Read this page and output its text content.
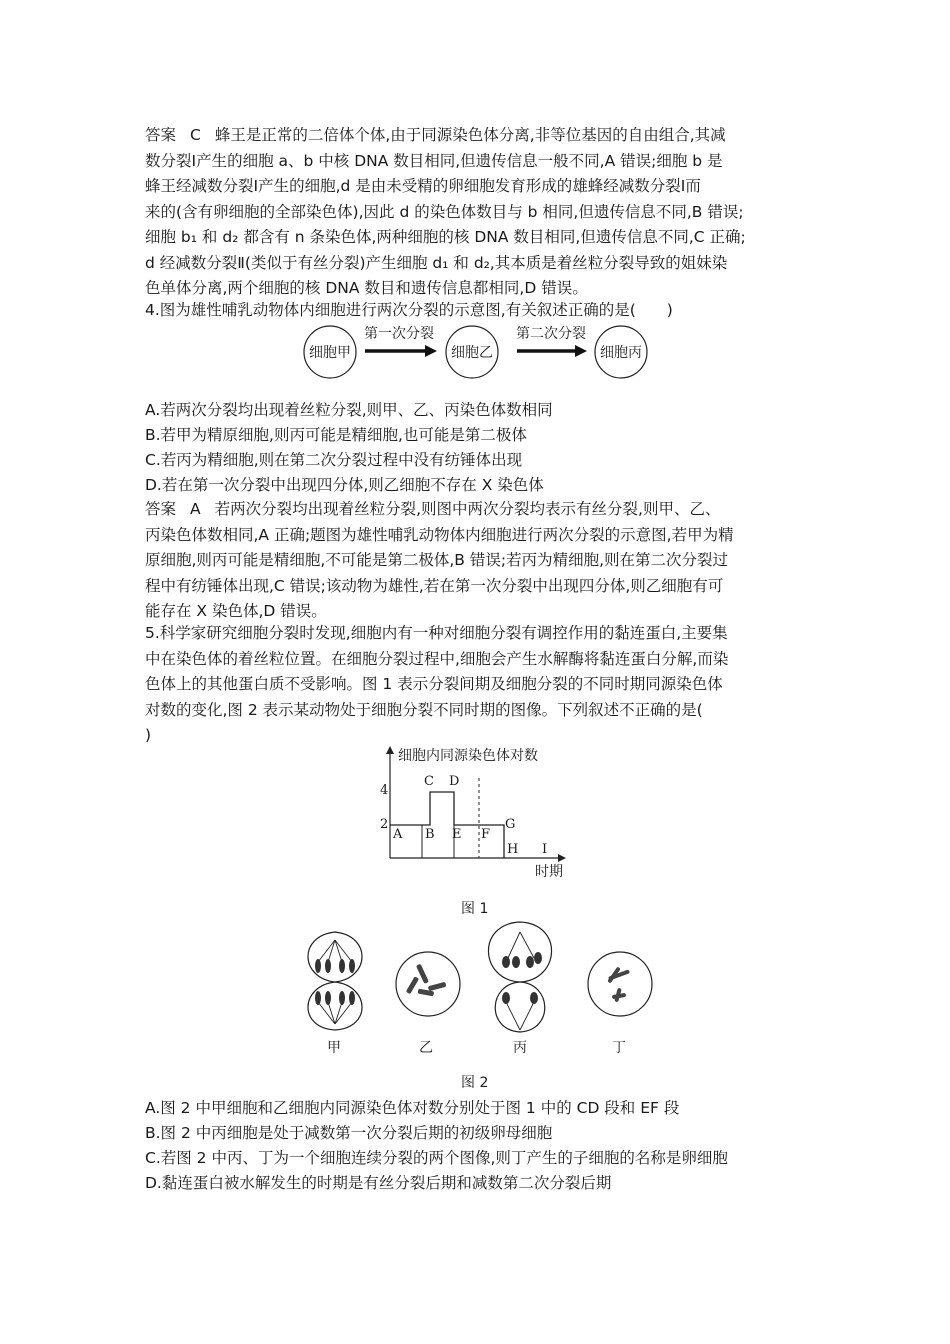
答案 C 蜂王是正常的二倍体个体,由于同源染色体分离,非等位基因的自由组合,其减
数分裂Ⅰ产生的细胞 a、b 中核 DNA 数目相同,但遗传信息一般不同,A 错误;细胞 b 是
蜂王经减数分裂Ⅰ产生的细胞,d 是由未受精的卵细胞发育形成的雄蜂经减数分裂Ⅰ而
来的(含有卵细胞的全部染色体),因此 d 的染色体数目与 b 相同,但遗传信息不同,B 错误;
细胞 b₁ 和 d₂ 都含有 n 条染色体,两种细胞的核 DNA 数目相同,但遗传信息不同,C 正确;
d 经减数分裂Ⅱ(类似于有丝分裂)产生细胞 d₁ 和 d₂,其本质是着丝粒分裂导致的姐妹染
色单体分离,两个细胞的核 DNA 数目和遗传信息都相同,D 错误。
4.图为雄性哺乳动物体内细胞进行两次分裂的示意图,有关叙述正确的是(　　)
细胞甲
第一次分裂
细胞乙
第二次分裂
细胞丙
A.若两次分裂均出现着丝粒分裂,则甲、乙、丙染色体数相同
B.若甲为精原细胞,则丙可能是精细胞,也可能是第二极体
C.若丙为精细胞,则在第二次分裂过程中没有纺锤体出现
D.若在第一次分裂中出现四分体,则乙细胞不存在 X 染色体
答案 A 若两次分裂均出现着丝粒分裂,则图中两次分裂均表示有丝分裂,则甲、乙、
丙染色体数相同,A 正确;题图为雄性哺乳动物体内细胞进行两次分裂的示意图,若甲为精
原细胞,则丙可能是精细胞,不可能是第二极体,B 错误;若丙为精细胞,则在第二次分裂过
程中有纺锤体出现,C 错误;该动物为雄性,若在第一次分裂中出现四分体,则乙细胞有可
能存在 X 染色体,D 错误。
5.科学家研究细胞分裂时发现,细胞内有一种对细胞分裂有调控作用的黏连蛋白,主要集
中在染色体的着丝粒位置。在细胞分裂过程中,细胞会产生水解酶将黏连蛋白分解,而染
色体上的其他蛋白质不受影响。图 1 表示分裂间期及细胞分裂的不同时期同源染色体
对数的变化,图 2 表示某动物处于细胞分裂不同时期的图像。下列叙述不正确的是(
)
细胞内同源染色体对数
时期
4
2
A B
C D
E F
G
H I
图 1
甲	乙	丙	丁
图 2
A.图 2 中甲细胞和乙细胞内同源染色体对数分别处于图 1 中的 CD 段和 EF 段
B.图 2 中丙细胞是处于减数第一次分裂后期的初级卵母细胞
C.若图 2 中丙、丁为一个细胞连续分裂的两个图像,则丁产生的子细胞的名称是卵细胞
D.黏连蛋白被水解发生的时期是有丝分裂后期和减数第二次分裂后期
